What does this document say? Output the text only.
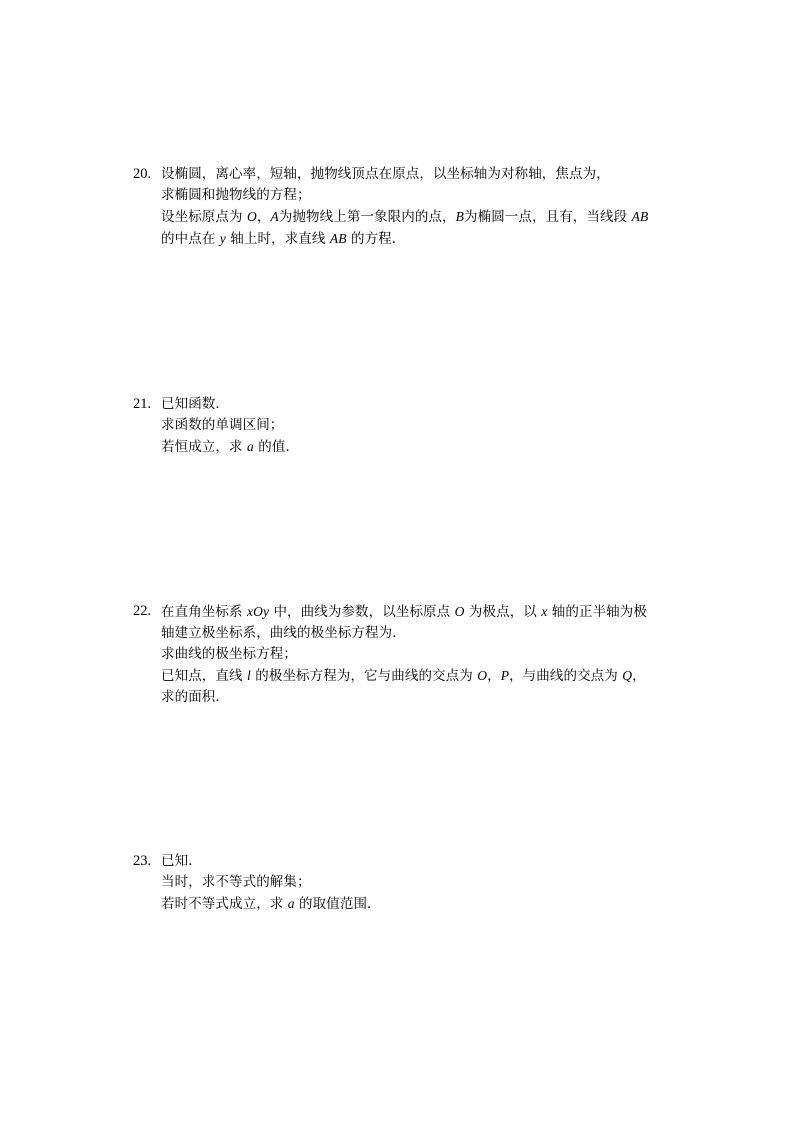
20. 设椭圆，离心率，短轴，抛物线顶点在原点，以坐标轴为对称轴，焦点为，
求椭圆和抛物线的方程；
设坐标原点为 O，A为抛物线上第一象限内的点，B为椭圆一点，且有，当线段 AB
的中点在 y 轴上时，求直线 AB 的方程．
21. 已知函数．
求函数的单调区间；
若恒成立，求 a 的值．
22. 在直角坐标系 xOy 中，曲线为参数，以坐标原点 O 为极点，以 x 轴的正半轴为极
轴建立极坐标系，曲线的极坐标方程为．
求曲线的极坐标方程；
已知点，直线 l 的极坐标方程为，它与曲线的交点为 O，P，与曲线的交点为 Q，
求的面积．
23. 已知．
当时，求不等式的解集；
若时不等式成立，求 a 的取值范围．
